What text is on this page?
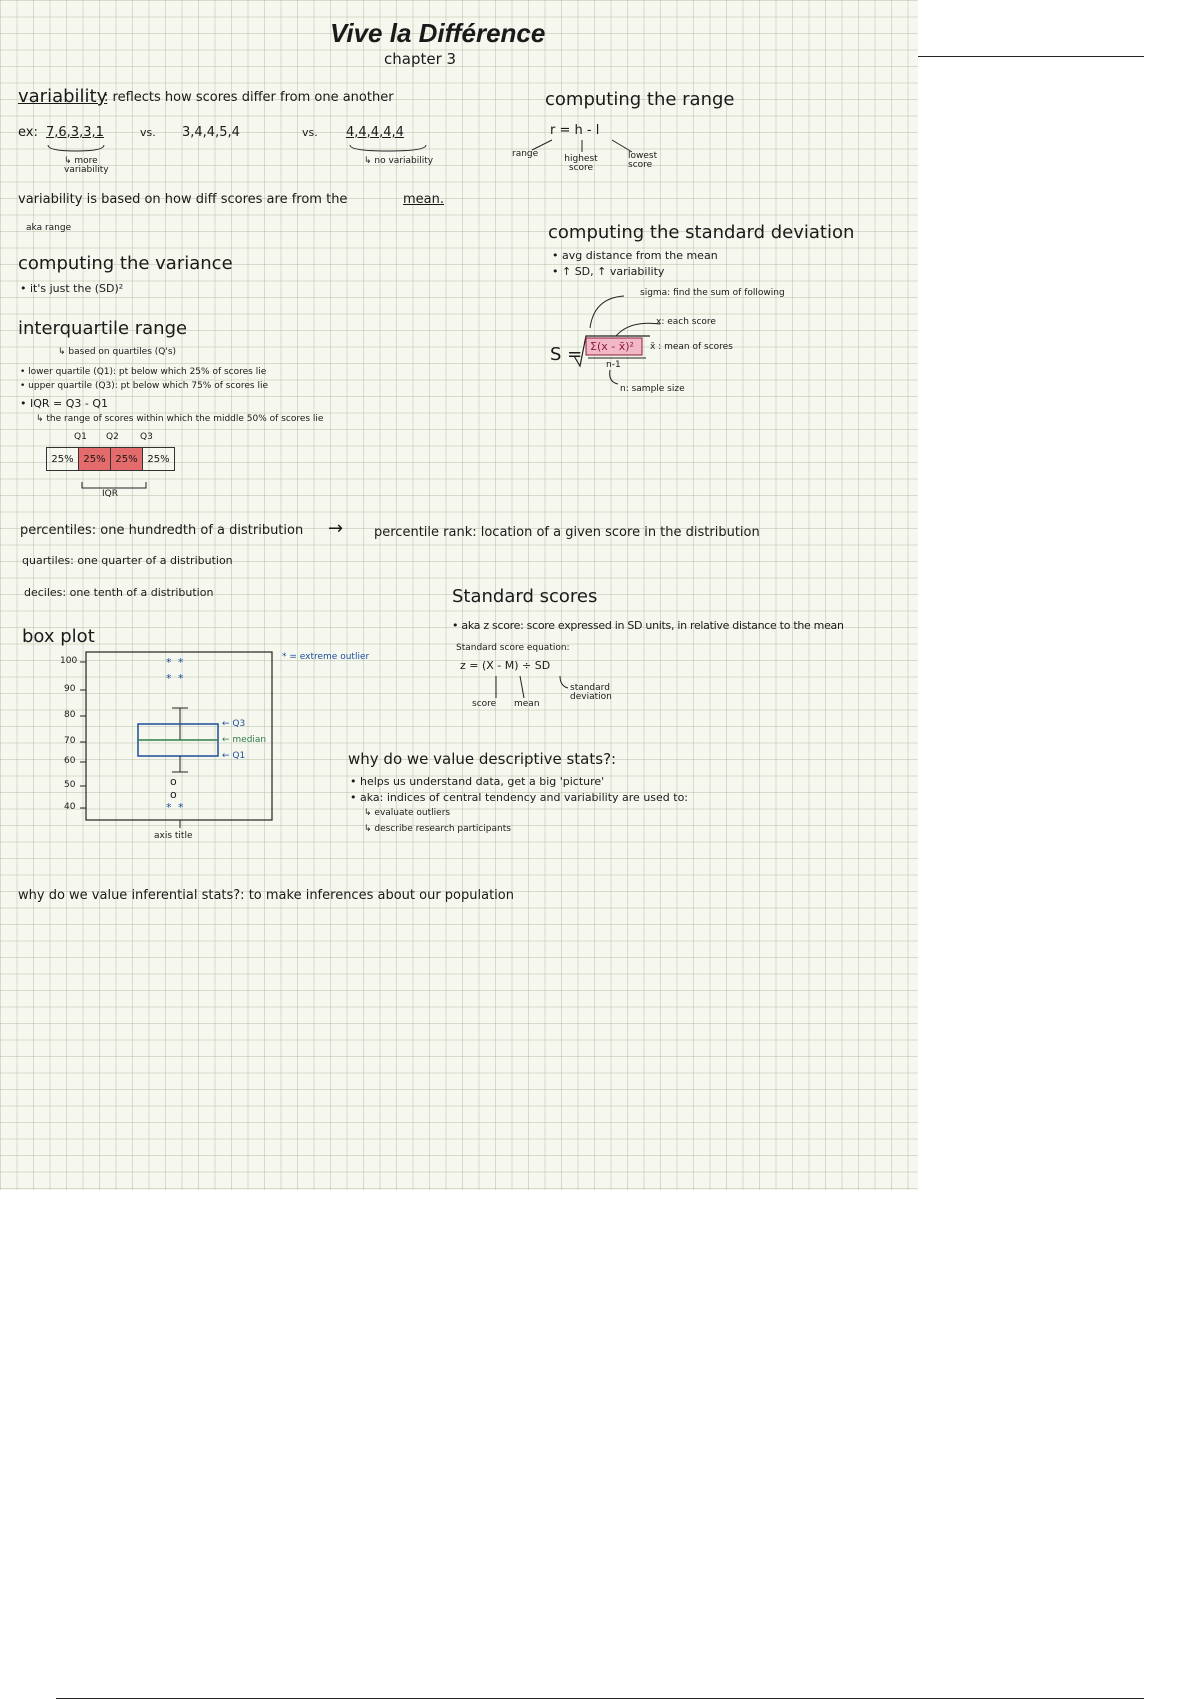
Vive la Différence
chapter 3
variability
: reflects how scores differ from one another
ex: 7,6,3,3,1	vs. 3,4,4,5,4	vs. 4,4,4,4,4
↳ more variability
↳ no variability
variability is based on how diff scores are from the	mean.
aka range
computing the range
r = h - l
range	highest score
lowest score
computing the standard deviation
• avg distance from the mean
• ↑ SD, ↑ variability
sigma: find the sum of following
x: each score
S = Σ(x - x̄)²
n-1
x̄ : mean of scores
n: sample size
computing the variance
• it's just the (SD)²
interquartile range
↳ based on quartiles (Q's)
• lower quartile (Q1): pt below which 25% of scores lie
• upper quartile (Q3): pt below which 75% of scores lie
• IQR = Q3 - Q1
↳ the range of scores within which the middle 50% of scores lie
Q1 Q2 Q3
25%	25%	25%	25%
IQR
percentiles: one hundredth of a distribution → percentile rank: location of a given score in the distribution
quartiles: one quarter of a distribution
deciles: one tenth of a distribution	Standard scores
• aka z score: score expressed in SD units, in relative distance to the mean
Standard score equation:
z = (X - M) ÷ SD
score mean
standard deviation
box plot
* = extreme outlier
100
90
80
70
60
50
40
* *
* *
o
o
* *
← Q3
← median
← Q1
axis title
why do we value descriptive stats?:
• helps us understand data, get a big 'picture'
• aka: indices of central tendency and variability are used to:
↳ evaluate outliers
↳ describe research participants
why do we value inferential stats?: to make inferences about our population
